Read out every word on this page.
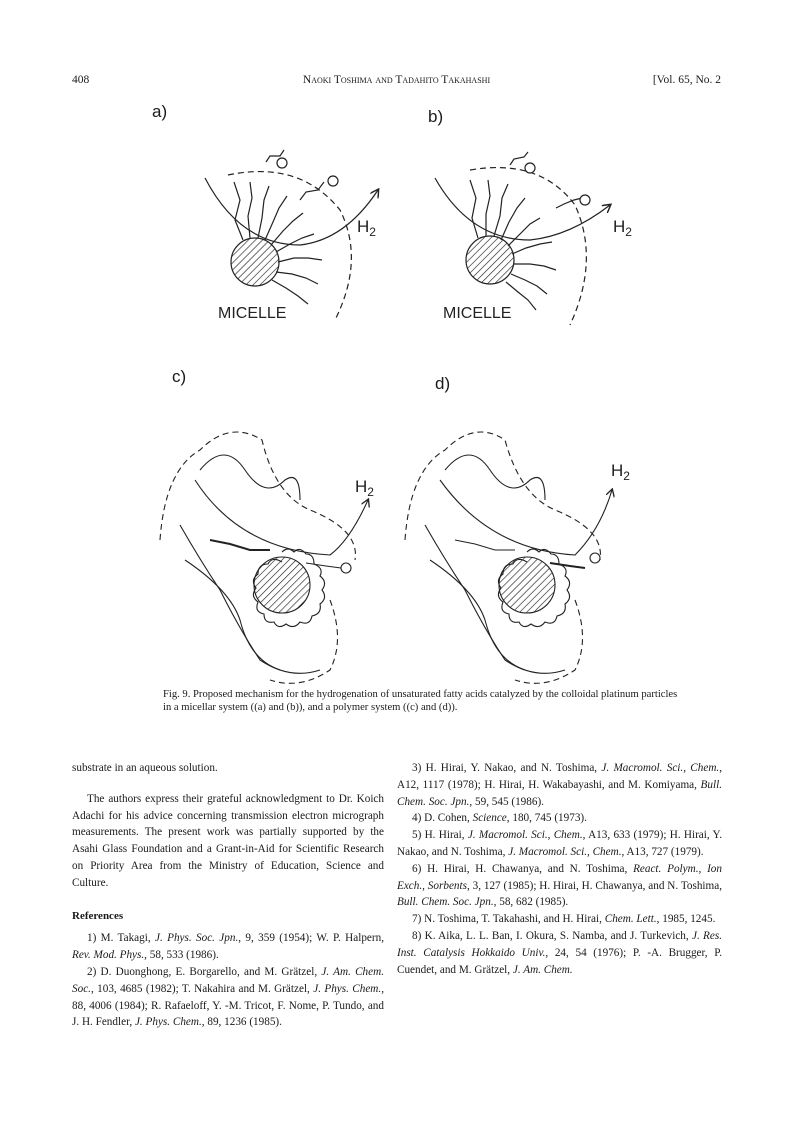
408	Naoki Toshima and Tadahito Takahashi	[Vol. 65, No. 2
a)	b)
c)	d)
MICELLE
$H_2$
MICELLE
$H_2$
$H_2$
$H_2$
Fig. 9. Proposed mechanism for the hydrogenation of unsaturated fatty acids catalyzed by the colloidal platinum particles in a micellar system ((a) and (b)), and a polymer system ((c) and (d)).

substrate in an aqueous solution.

The authors express their grateful acknowledgment to Dr. Koich Adachi for his advice concerning transmission electron micrograph measurements. The present work was partially supported by the Asahi Glass Foundation and a Grant-in-Aid for Scientific Research on Priority Area from the Ministry of Education, Science and Culture.

References

1) M. Takagi, J. Phys. Soc. Jpn., 9, 359 (1954); W. P. Halpern, Rev. Mod. Phys., 58, 533 (1986).

2) D. Duonghong, E. Borgarello, and M. Grätzel, J. Am. Chem. Soc., 103, 4685 (1982); T. Nakahira and M. Grätzel, J. Phys. Chem., 88, 4006 (1984); R. Rafaeloff, Y. -M. Tricot, F. Nome, P. Tundo, and J. H. Fendler, J. Phys. Chem., 89, 1236 (1985).

3) H. Hirai, Y. Nakao, and N. Toshima, J. Macromol. Sci., Chem., A12, 1117 (1978); H. Hirai, H. Wakabayashi, and M. Komiyama, Bull. Chem. Soc. Jpn., 59, 545 (1986).

4) D. Cohen, Science, 180, 745 (1973).

5) H. Hirai, J. Macromol. Sci., Chem., A13, 633 (1979); H. Hirai, Y. Nakao, and N. Toshima, J. Macromol. Sci., Chem., A13, 727 (1979).

6) H. Hirai, H. Chawanya, and N. Toshima, React. Polym., Ion Exch., Sorbents, 3, 127 (1985); H. Hirai, H. Chawanya, and N. Toshima, Bull. Chem. Soc. Jpn., 58, 682 (1985).

7) N. Toshima, T. Takahashi, and H. Hirai, Chem. Lett., 1985, 1245.

8) K. Aika, L. L. Ban, I. Okura, S. Namba, and J. Turkevich, J. Res. Inst. Catalysis Hokkaido Univ., 24, 54 (1976); P. -A. Brugger, P. Cuendet, and M. Grätzel, J. Am. Chem.
